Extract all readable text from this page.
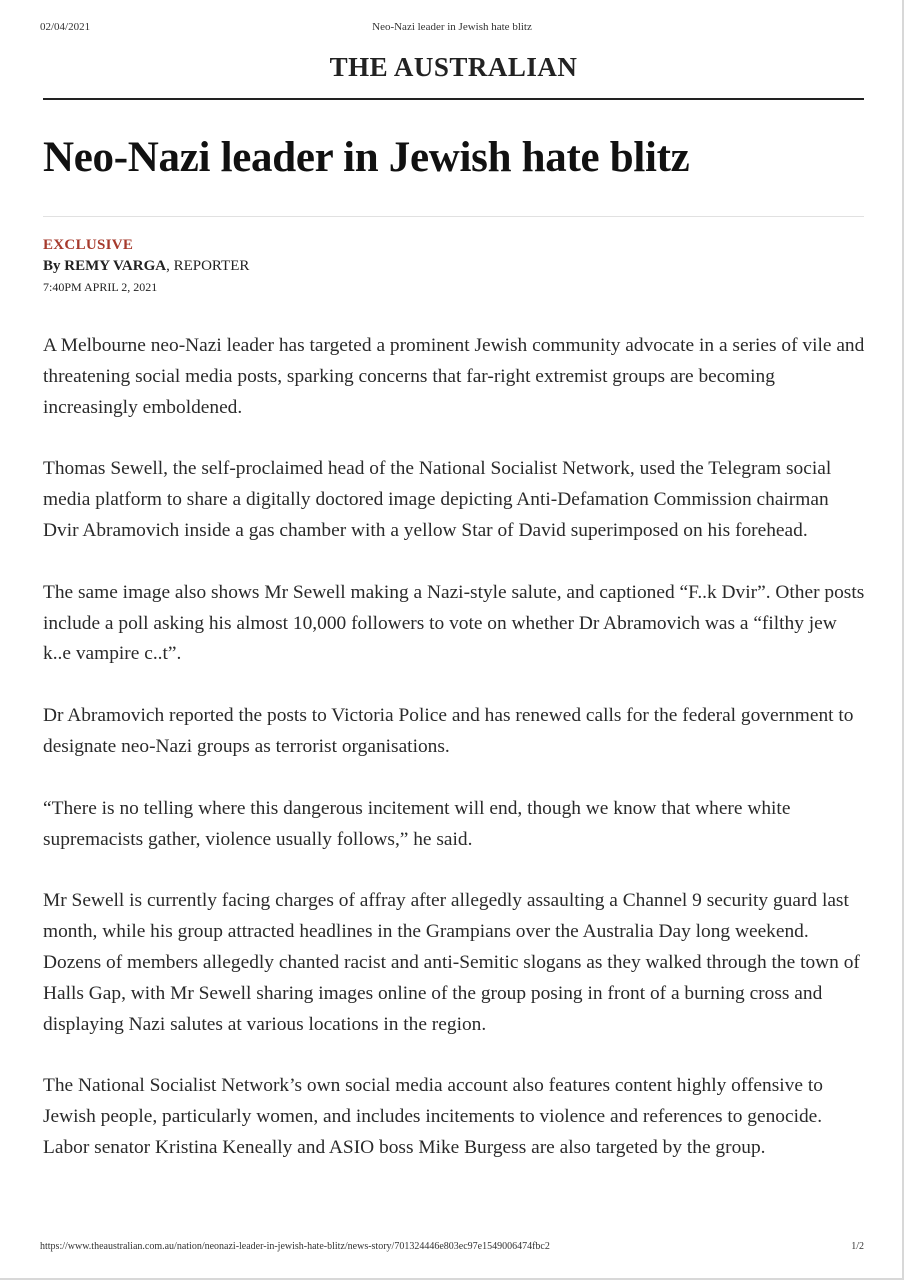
02/04/2021	Neo-Nazi leader in Jewish hate blitz
THE AUSTRALIAN
Neo-Nazi leader in Jewish hate blitz
EXCLUSIVE
By REMY VARGA, REPORTER
7:40PM APRIL 2, 2021

A Melbourne neo-Nazi leader has targeted a prominent Jewish community advocate in a series of vile and threatening social media posts, sparking concerns that far-right extremist groups are becoming increasingly emboldened.

Thomas Sewell, the self-proclaimed head of the National Socialist Network, used the Telegram social media platform to share a digitally doctored image depicting Anti-Defamation Commission chairman Dvir Abramovich inside a gas chamber with a yellow Star of David superimposed on his forehead.

The same image also shows Mr Sewell making a Nazi-style salute, and captioned “F..k Dvir”. Other posts include a poll asking his almost 10,000 followers to vote on whether Dr Abramovich was a “filthy jew k..e vampire c..t”.

Dr Abramovich reported the posts to Victoria Police and has renewed calls for the federal government to designate neo-Nazi groups as terrorist organisations.

“There is no telling where this dangerous incitement will end, though we know that where white supremacists gather, violence usually follows,” he said.

Mr Sewell is currently facing charges of affray after allegedly assaulting a Channel 9 security guard last month, while his group attracted headlines in the Grampians over the Australia Day long weekend. Dozens of members allegedly chanted racist and anti-Semitic slogans as they walked through the town of Halls Gap, with Mr Sewell sharing images online of the group posing in front of a burning cross and displaying Nazi salutes at various locations in the region.

The National Socialist Network’s own social media account also features content highly offensive to Jewish people, particularly women, and includes incitements to violence and references to genocide. Labor senator Kristina Keneally and ASIO boss Mike Burgess are also targeted by the group.

https://www.theaustralian.com.au/nation/neonazi-leader-in-jewish-hate-blitz/news-story/701324446e803ec97e1549006474fbc2	1/2
